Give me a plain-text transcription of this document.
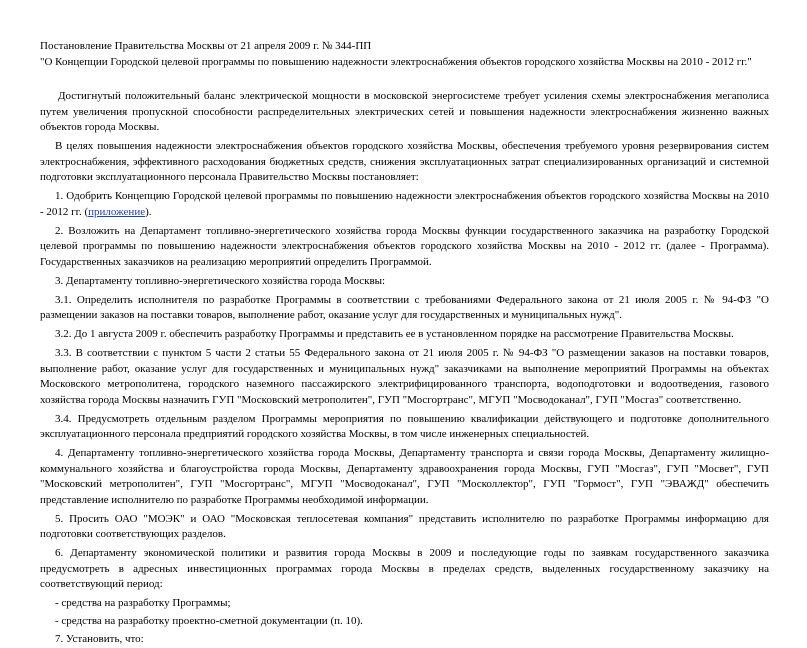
Постановление Правительства Москвы от 21 апреля 2009 г. № 344-ПП

"О Концепции Городской целевой программы по повышению надежности электроснабжения объектов городского хозяйства Москвы на 2010 - 2012 гг."

Достигнутый положительный баланс электрической мощности в московской энергосистеме требует усиления схемы электроснабжения мегаполиса путем увеличения пропускной способности распределительных электрических сетей и повышения надежности электроснабжения жизненно важных объектов города Москвы.

В целях повышения надежности электроснабжения объектов городского хозяйства Москвы, обеспечения требуемого уровня резервирования систем электроснабжения, эффективного расходования бюджетных средств, снижения эксплуатационных затрат специализированных организаций и системной подготовки эксплуатационного персонала Правительство Москвы постановляет:

1. Одобрить Концепцию Городской целевой программы по повышению надежности электроснабжения объектов городского хозяйства Москвы на 2010 - 2012 гг. (приложение).

2. Возложить на Департамент топливно-энергетического хозяйства города Москвы функции государственного заказчика на разработку Городской целевой программы по повышению надежности электроснабжения объектов городского хозяйства Москвы на 2010 - 2012 гг. (далее - Программа). Государственных заказчиков на реализацию мероприятий определить Программой.

3. Департаменту топливно-энергетического хозяйства города Москвы:

3.1. Определить исполнителя по разработке Программы в соответствии с требованиями Федерального закона от 21 июля 2005 г. № 94-ФЗ "О размещении заказов на поставки товаров, выполнение работ, оказание услуг для государственных и муниципальных нужд".

3.2. До 1 августа 2009 г. обеспечить разработку Программы и представить ее в установленном порядке на рассмотрение Правительства Москвы.

3.3. В соответствии с пунктом 5 части 2 статьи 55 Федерального закона от 21 июля 2005 г. № 94-ФЗ "О размещении заказов на поставки товаров, выполнение работ, оказание услуг для государственных и муниципальных нужд" заказчиками на выполнение мероприятий Программы на объектах Московского метрополитена, городского наземного пассажирского электрифицированного транспорта, водоподготовки и водоотведения, газового хозяйства города Москвы назначить ГУП "Московский метрополитен", ГУП "Мосгортранс", МГУП "Мосводоканал", ГУП "Мосгаз" соответственно.

3.4. Предусмотреть отдельным разделом Программы мероприятия по повышению квалификации действующего и подготовке дополнительного эксплуатационного персонала предприятий городского хозяйства Москвы, в том числе инженерных специальностей.

4. Департаменту топливно-энергетического хозяйства города Москвы, Департаменту транспорта и связи города Москвы, Департаменту жилищно-коммунального хозяйства и благоустройства города Москвы, Департаменту здравоохранения города Москвы, ГУП "Мосгаз", ГУП "Мосвет", ГУП "Московский метрополитен", ГУП "Мосгортранс", МГУП "Мосводоканал", ГУП "Москоллектор", ГУП "Гормост", ГУП "ЭВАЖД" обеспечить представление исполнителю по разработке Программы необходимой информации.

5. Просить ОАО "МОЭК" и ОАО "Московская теплосетевая компания" представить исполнителю по разработке Программы информацию для подготовки соответствующих разделов.

6. Департаменту экономической политики и развития города Москвы в 2009 и последующие годы по заявкам государственного заказчика предусмотреть в адресных инвестиционных программах города Москвы в пределах средств, выделенных государственному заказчику на соответствующий период:

- средства на разработку Программы;

- средства на разработку проектно-сметной документации (п. 10).

7. Установить, что:
